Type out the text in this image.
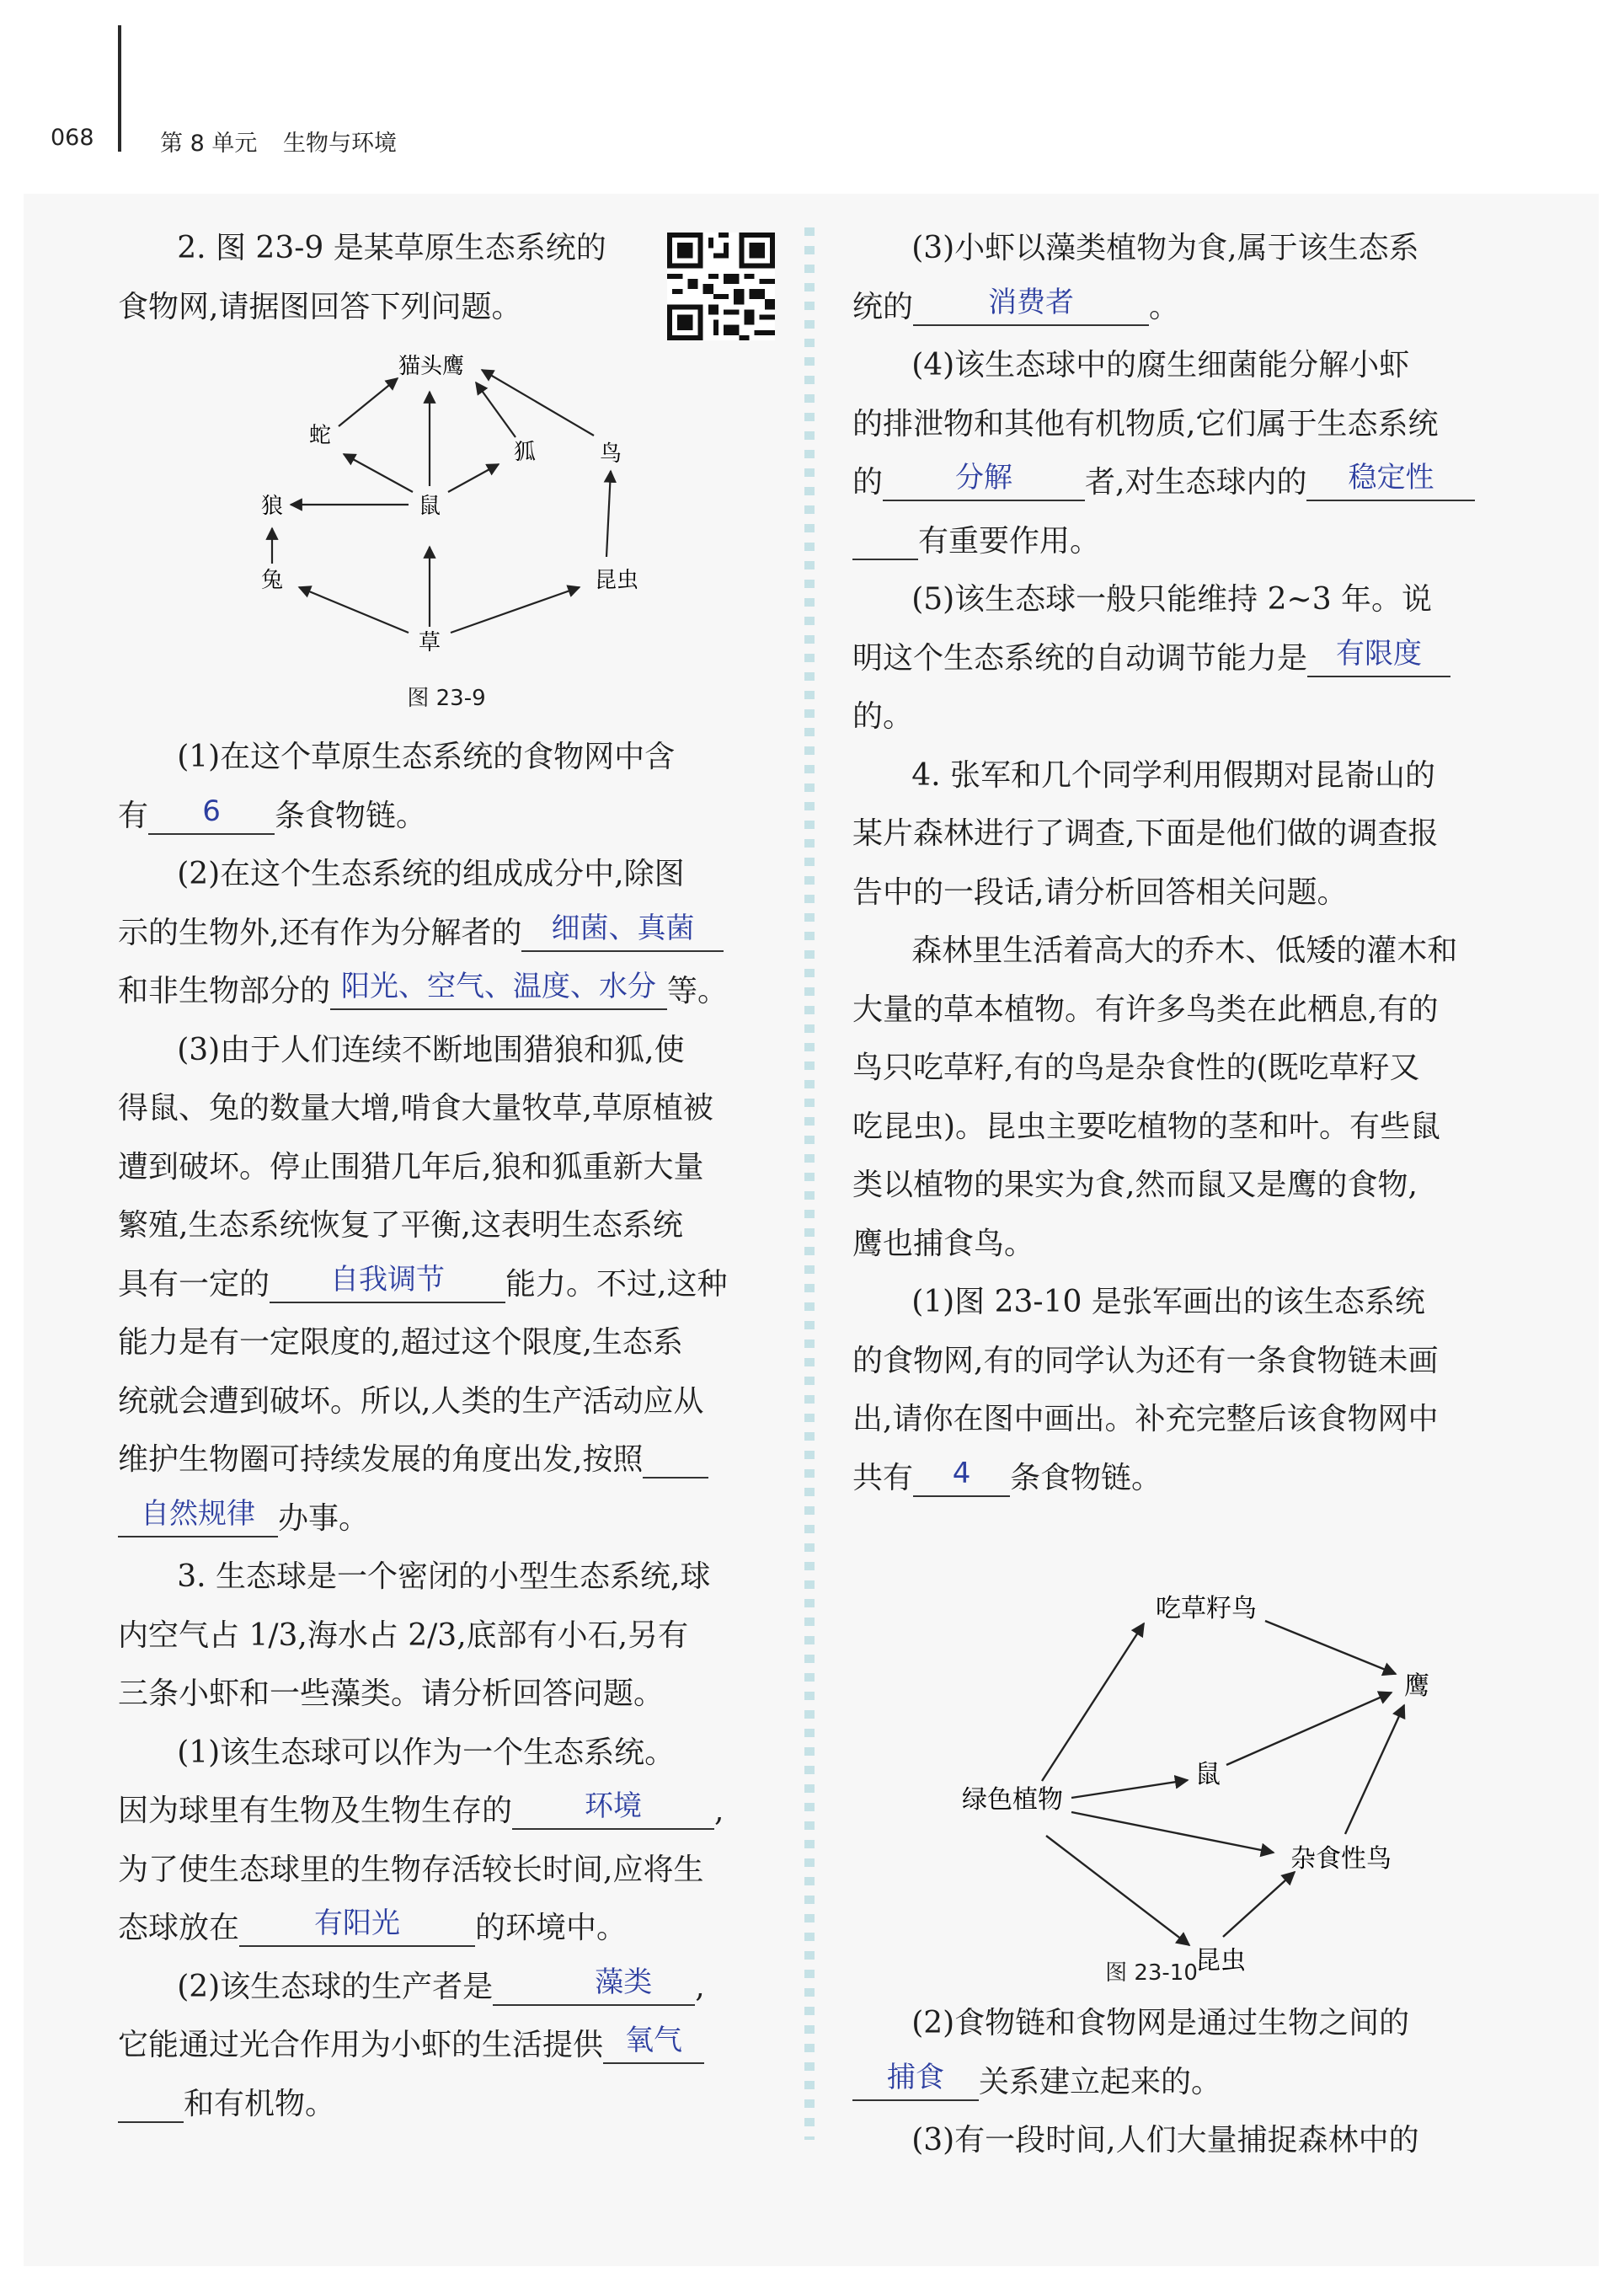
068	第 8 单元 生物与环境

2. 图 23-9 是某草原生态系统的

食物网,请据图回答下列问题。

猫头鹰
蛇
狐	鸟
狼	鼠
兔	昆虫
草
图 23-9

(1)在这个草原生态系统的食物网中含

有	6	条食物链。

(2)在这个生态系统的组成成分中,除图

示的生物外,还有作为分解者的	细菌、真菌

和非生物部分的 阳光、空气、温度、水分 等。

(3)由于人们连续不断地围猎狼和狐,使

得鼠、兔的数量大增,啃食大量牧草,草原植被

遭到破坏。停止围猎几年后,狼和狐重新大量

繁殖,生态系统恢复了平衡,这表明生态系统

具有一定的	自我调节	能力。不过,这种

能力是有一定限度的,超过这个限度,生态系

统就会遭到破坏。所以,人类的生产活动应从

维护生物圈可持续发展的角度出发,按照

自然规律 办事。

3. 生态球是一个密闭的小型生态系统,球

内空气占 1/3,海水占 2/3,底部有小石,另有

三条小虾和一些藻类。请分析回答问题。

(1)该生态球可以作为一个生态系统。

因为球里有生物及生物生存的	环境	,

为了使生态球里的生物存活较长时间,应将生

态球放在	有阳光	的环境中。

(2)该生态球的生产者是	藻类	,

它能通过光合作用为小虾的生活提供 氧气

和有机物。

(3)小虾以藻类植物为食,属于该生态系

统的	消费者	。

(4)该生态球中的腐生细菌能分解小虾

的排泄物和其他有机物质,它们属于生态系统

的	分解	者,对生态球内的	稳定性

有重要作用。

(5)该生态球一般只能维持 2~3 年。说

明这个生态系统的自动调节能力是	有限度

的。

4. 张军和几个同学利用假期对昆嵛山的

某片森林进行了调查,下面是他们做的调查报

告中的一段话,请分析回答相关问题。

森林里生活着高大的乔木、低矮的灌木和

大量的草本植物。有许多鸟类在此栖息,有的

鸟只吃草籽,有的鸟是杂食性的(既吃草籽又

吃昆虫)。昆虫主要吃植物的茎和叶。有些鼠

类以植物的果实为食,然而鼠又是鹰的食物,

鹰也捕食鸟。

(1)图 23-10 是张军画出的该生态系统

的食物网,有的同学认为还有一条食物链未画

出,请你在图中画出。补充完整后该食物网中

共有	4	条食物链。

吃草籽鸟
鹰
绿色植物
鼠
杂食性鸟
昆虫
图 23-10

(2)食物链和食物网是通过生物之间的

捕食	关系建立起来的。

(3)有一段时间,人们大量捕捉森林中的
